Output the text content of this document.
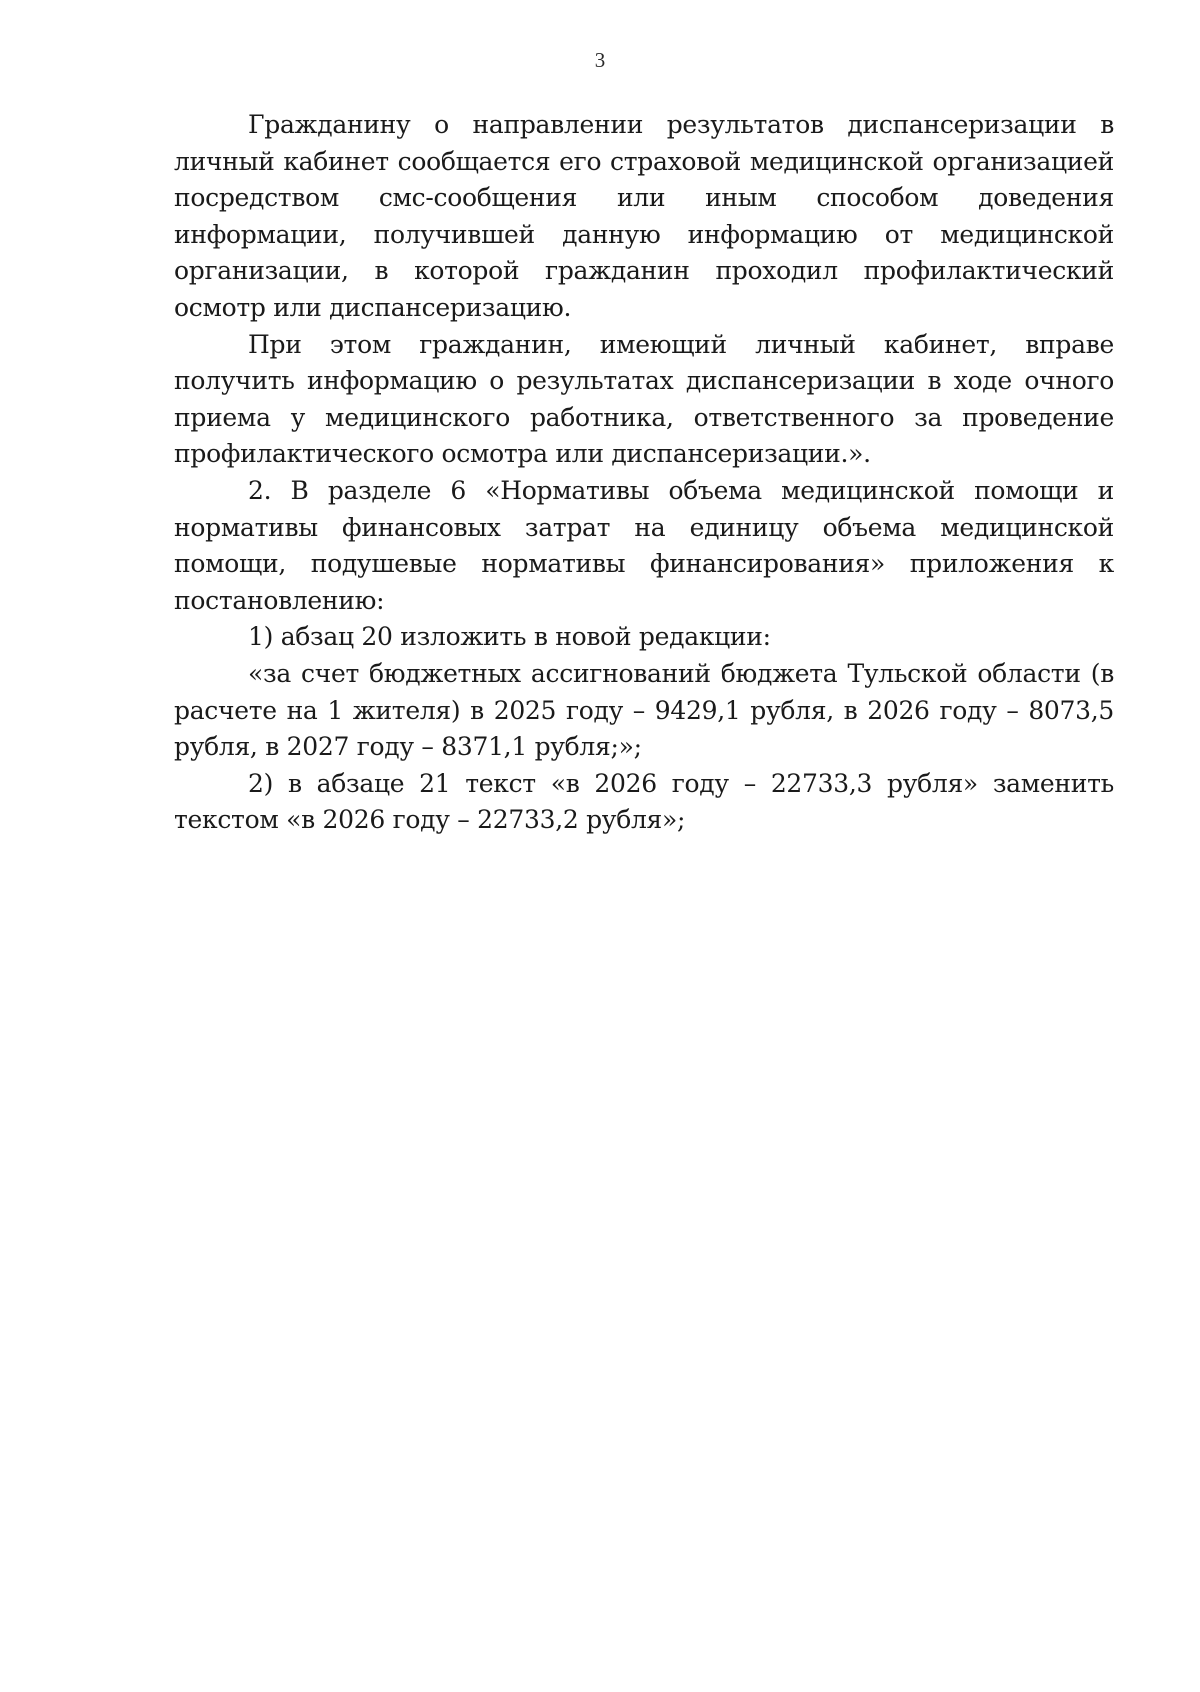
3

Гражданину о направлении результатов диспансеризации в личный кабинет сообщается его страховой медицинской организацией посредством смс-сообщения или иным способом доведения информации, получившей данную информацию от медицинской организации, в которой гражданин проходил профилактический осмотр или диспансеризацию.

При этом гражданин, имеющий личный кабинет, вправе получить информацию о результатах диспансеризации в ходе очного приема у медицинского работника, ответственного за проведение профилактического осмотра или диспансеризации.».

2. В разделе 6 «Нормативы объема медицинской помощи и нормативы финансовых затрат на единицу объема медицинской помощи, подушевые нормативы финансирования» приложения к постановлению:

1) абзац 20 изложить в новой редакции:

«за счет бюджетных ассигнований бюджета Тульской области (в расчете на 1 жителя) в 2025 году – 9429,1 рубля, в 2026 году – 8073,5 рубля, в 2027 году – 8371,1 рубля;»;

2) в абзаце 21 текст «в 2026 году – 22733,3 рубля» заменить текстом «в 2026 году – 22733,2 рубля»;
